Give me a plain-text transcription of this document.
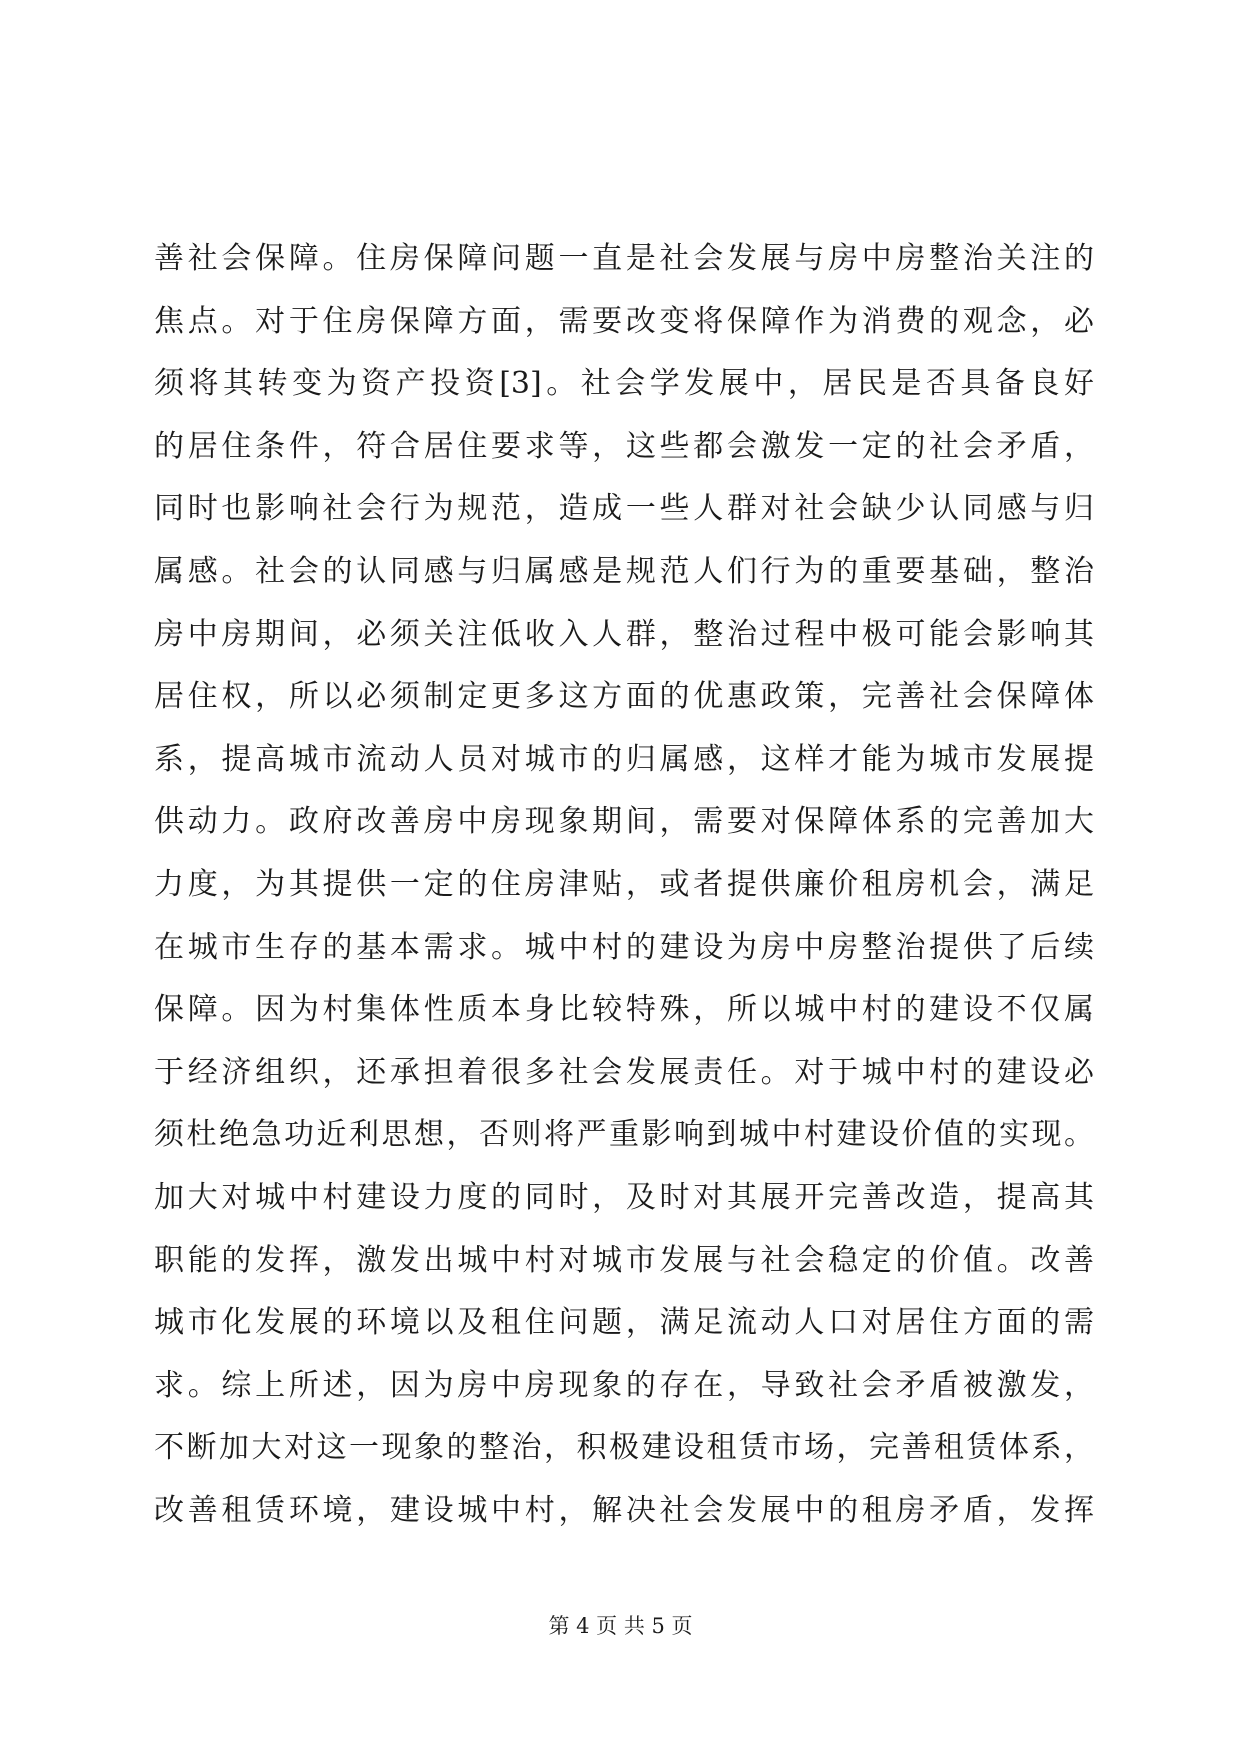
善社会保障。住房保障问题一直是社会发展与房中房整治关注的
焦点。对于住房保障方面，需要改变将保障作为消费的观念，必
须将其转变为资产投资[3]。社会学发展中，居民是否具备良好
的居住条件，符合居住要求等，这些都会激发一定的社会矛盾，
同时也影响社会行为规范，造成一些人群对社会缺少认同感与归
属感。社会的认同感与归属感是规范人们行为的重要基础，整治
房中房期间，必须关注低收入人群，整治过程中极可能会影响其
居住权，所以必须制定更多这方面的优惠政策，完善社会保障体
系，提高城市流动人员对城市的归属感，这样才能为城市发展提
供动力。政府改善房中房现象期间，需要对保障体系的完善加大
力度，为其提供一定的住房津贴，或者提供廉价租房机会，满足
在城市生存的基本需求。城中村的建设为房中房整治提供了后续
保障。因为村集体性质本身比较特殊，所以城中村的建设不仅属
于经济组织，还承担着很多社会发展责任。对于城中村的建设必
须杜绝急功近利思想，否则将严重影响到城中村建设价值的实现。
加大对城中村建设力度的同时，及时对其展开完善改造，提高其
职能的发挥，激发出城中村对城市发展与社会稳定的价值。改善
城市化发展的环境以及租住问题，满足流动人口对居住方面的需
求。综上所述，因为房中房现象的存在，导致社会矛盾被激发，
不断加大对这一现象的整治，积极建设租赁市场，完善租赁体系，
改善租赁环境，建设城中村，解决社会发展中的租房矛盾，发挥
第 4 页 共 5 页
